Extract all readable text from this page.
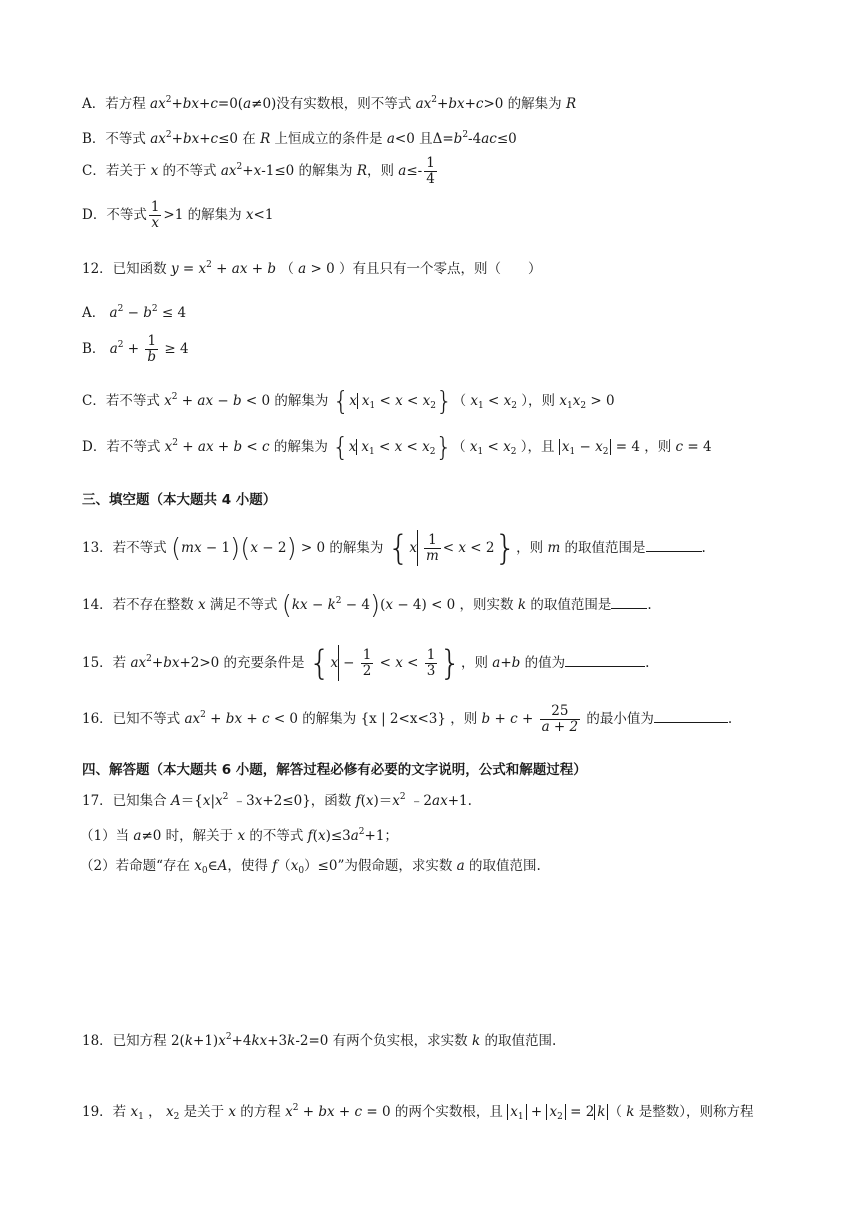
A．若方程 $ax^2+bx+c=0(a\ne 0)$没有实数根，则不等式 $ax^2+bx+c>0$ 的解集为 R
B．不等式 $ax^2+bx+c\le 0$ 在 R 上恒成立的条件是 a<0 且$\Delta=b^2-4ac\le 0$
C．若关于 x 的不等式 $ax^2+x-1\le 0$ 的解集为 R，则 $a\le- \frac{1}{4}$
D．不等式 $\frac{1}{x} >1$ 的解集为 x<1
12．已知函数 $y = x^2$ + ax + b （ a > 0 ）有且只有一个零点，则（　　）
A． $a^2 - b^2 \le 4$
B． $a^2 + \frac{1}{b} \ge 4$
C．若不等式 $x^2$ + ax − b < 0 的解集为 {x $x_1 < x < x_2$}（ $x_1 < x_2$ ），则 $x_1x_2 > 0$
D．若不等式 $x^2$ + ax + b < c 的解集为 {x $x_1 < x < x_2$}（ $x_1 < x_2$ ），且 $x_1 - x_2 = 4$ ，则 c = 4
三、填空题（本大题共 4 小题）
13．若不等式 (mx − 1)(x − 2) > 0 的解集为 $\{x \frac{1}{m} < x < 2\}$，则 m 的取值范围是	.
14．若不存在整数 x 满足不等式 $(kx - k^2 - 4)(x - 4) < 0$ ，则实数 k 的取值范围是	.
15．若 $ax^2+bx+2>0$ 的充要条件是 {$x - \frac{1}{2} < x < \frac{1}{3}$ }，则 a+b 的值为	.
16．已知不等式 $ax^2$ + bx + c < 0 的解集为 {x | 2<x<3} ，则 $b + c + \frac{25}{a + 2}$ 的最小值为	.
四、解答题（本大题共 6 小题，解答过程必修有必要的文字说明，公式和解题过程）
17．已知集合 $A=\{x|x^2$ ﹣3x+2≤0}，函数 $f(x)=x^2$ ﹣2ax+1.
（1）当 a≠0 时，解关于 x 的不等式 $f(x)\le 3a^2+1$；
（2）若命题“存在 $x_0\in A$，使得 $f(x_0)\le 0$”为假命题，求实数 a 的取值范围.
18．已知方程 $2(k+1)x^2+4kx+3k-2=0$ 有两个负实根，求实数 k 的取值范围.
19．若 $x_1$ ， $x_2$ 是关于 x 的方程 $x^2$ + bx + c = 0 的两个实数根，且 $x_1 + x_2 = 2$ k （ k 是整数），则称方程
